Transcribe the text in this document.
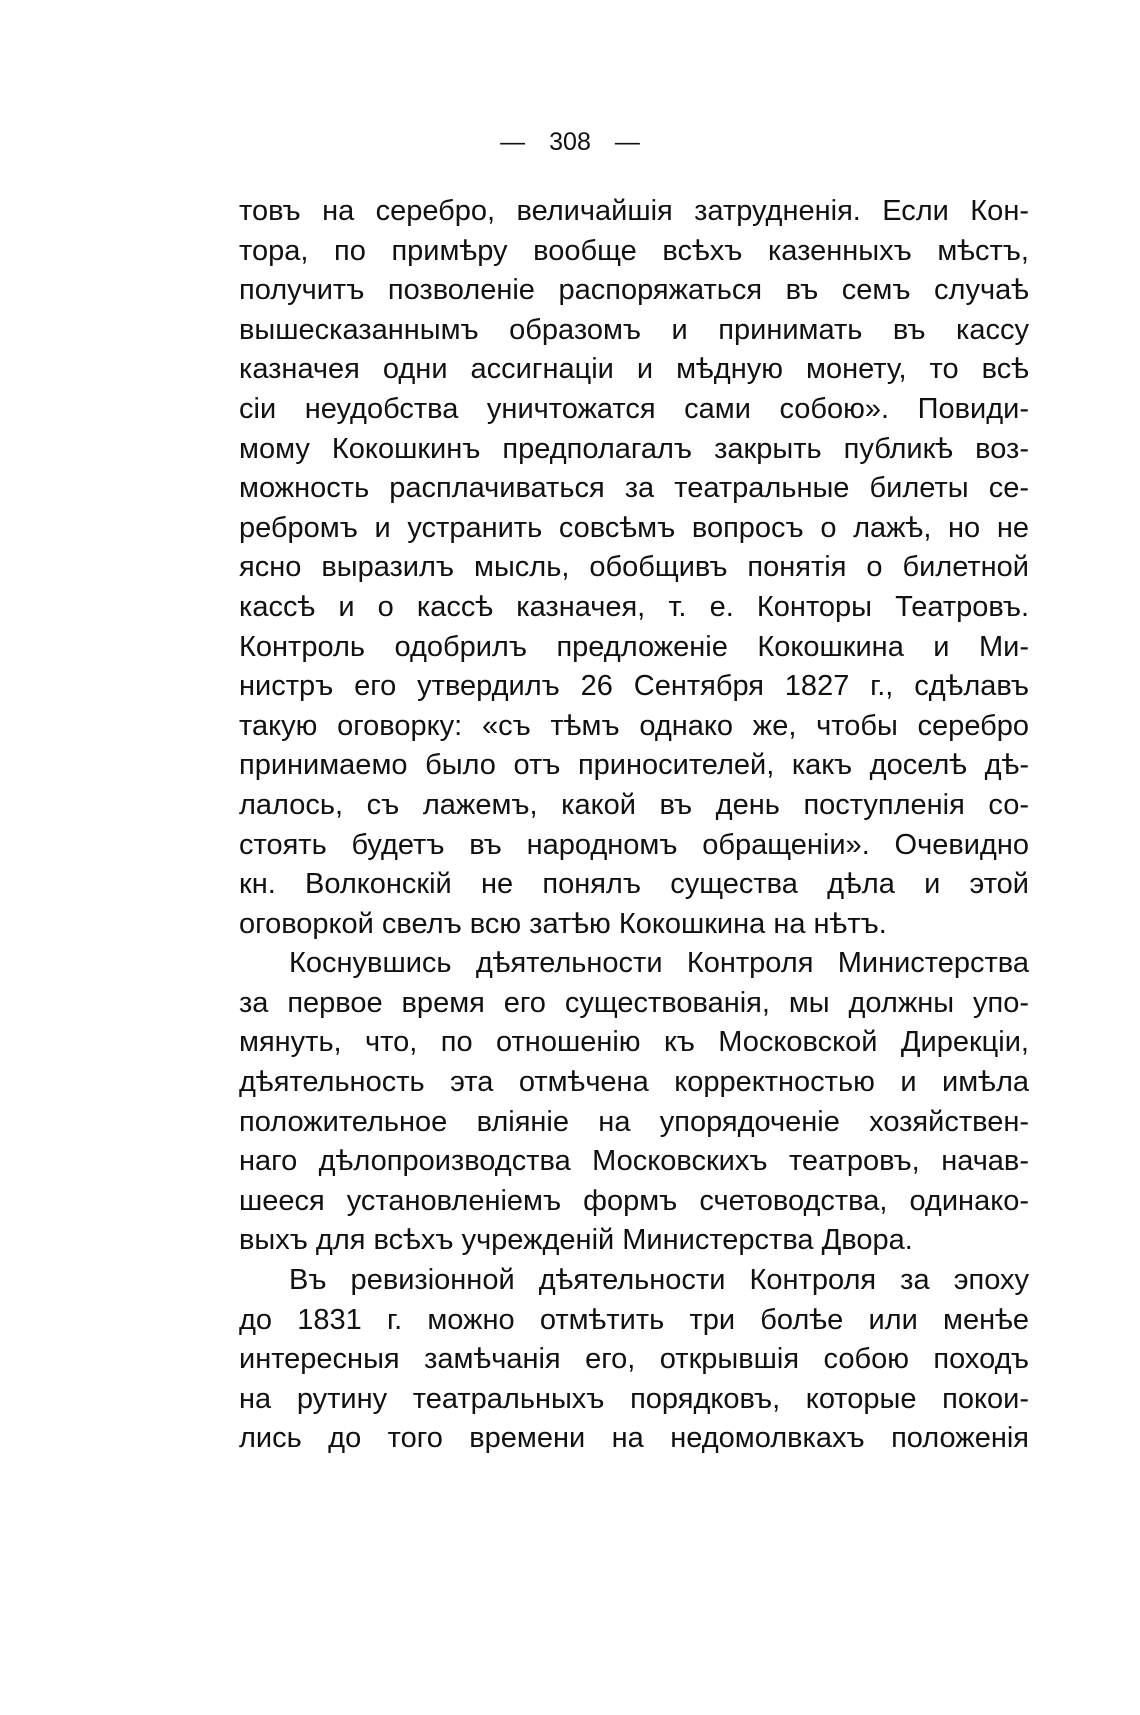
— 308 —
товъ на серебро, величайшія затрудненія. Если Кон-
тора, по примѣру вообще всѣхъ казенныхъ мѣстъ,
получитъ позволеніе распоряжаться въ семъ случаѣ
вышесказаннымъ образомъ и принимать въ кассу
казначея одни ассигнаціи и мѣдную монету, то всѣ
сіи неудобства уничтожатся сами собою». Повиди-
мому Кокошкинъ предполагалъ закрыть публикѣ воз-
можность расплачиваться за театральные билеты се-
ребромъ и устранить совсѣмъ вопросъ о лажѣ, но не
ясно выразилъ мысль, обобщивъ понятія о билетной
кассѣ и о кассѣ казначея, т. е. Конторы Театровъ.
Контроль одобрилъ предложеніе Кокошкина и Ми-
нистръ его утвердилъ 26 Сентября 1827 г., сдѣлавъ
такую оговорку: «съ тѣмъ однако же, чтобы серебро
принимаемо было отъ приносителей, какъ доселѣ дѣ-
лалось, съ лажемъ, какой въ день поступленія со-
стоять будетъ въ народномъ обращеніи». Очевидно
кн. Волконскій не понялъ существа дѣла и этой
оговоркой свелъ всю затѣю Кокошкина на нѣтъ.
Коснувшись дѣятельности Контроля Министерства
за первое время его существованія, мы должны упо-
мянуть, что, по отношенію къ Московской Дирекціи,
дѣятельность эта отмѣчена корректностью и имѣла
положительное вліяніе на упорядоченіе хозяйствен-
наго дѣлопроизводства Московскихъ театровъ, начав-
шееся установленіемъ формъ счетоводства, одинако-
выхъ для всѣхъ учрежденій Министерства Двора.
Въ ревизіонной дѣятельности Контроля за эпоху
до 1831 г. можно отмѣтить три болѣе или менѣе
интересныя замѣчанія его, открывшія собою походъ
на рутину театральныхъ порядковъ, которые покои-
лись до того времени на недомолвкахъ положенія
